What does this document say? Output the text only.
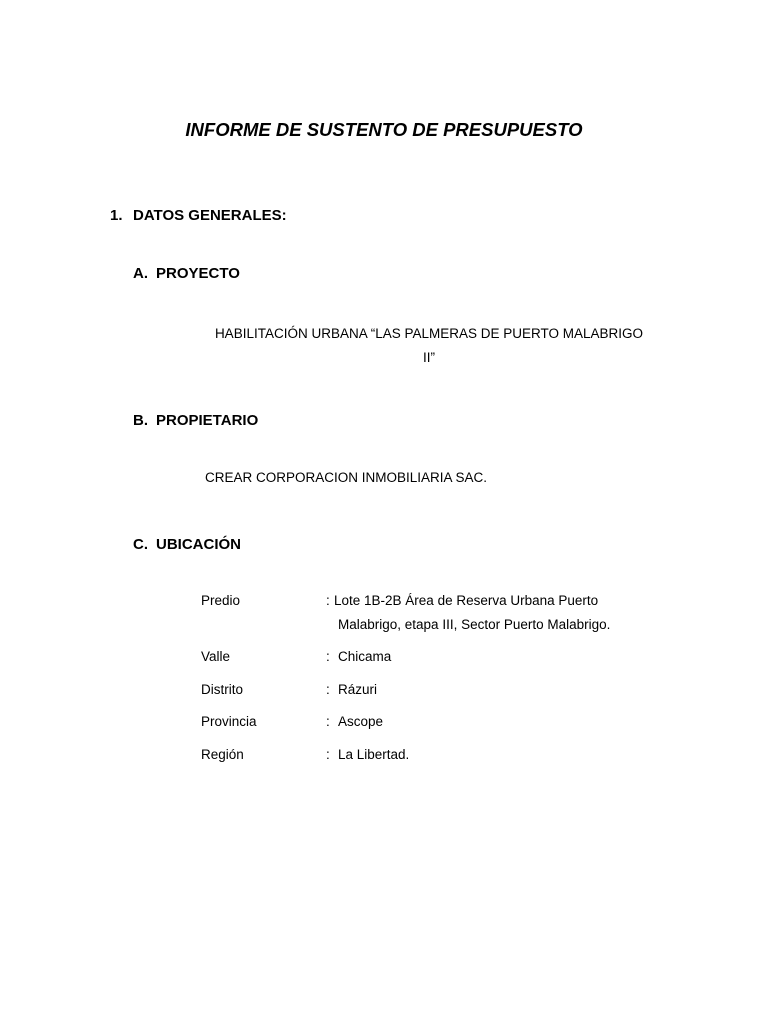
INFORME DE SUSTENTO DE PRESUPUESTO
1. DATOS GENERALES:
A. PROYECTO
HABILITACIÓN URBANA “LAS PALMERAS DE PUERTO MALABRIGO
II”
B. PROPIETARIO
CREAR CORPORACION INMOBILIARIA SAC.
C. UBICACIÓN
Predio	: Lote 1B-2B Área de Reserva Urbana Puerto
Malabrigo, etapa III, Sector Puerto Malabrigo.
Valle	: Chicama
Distrito	: Rázuri
Provincia	: Ascope
Región	: La Libertad.
